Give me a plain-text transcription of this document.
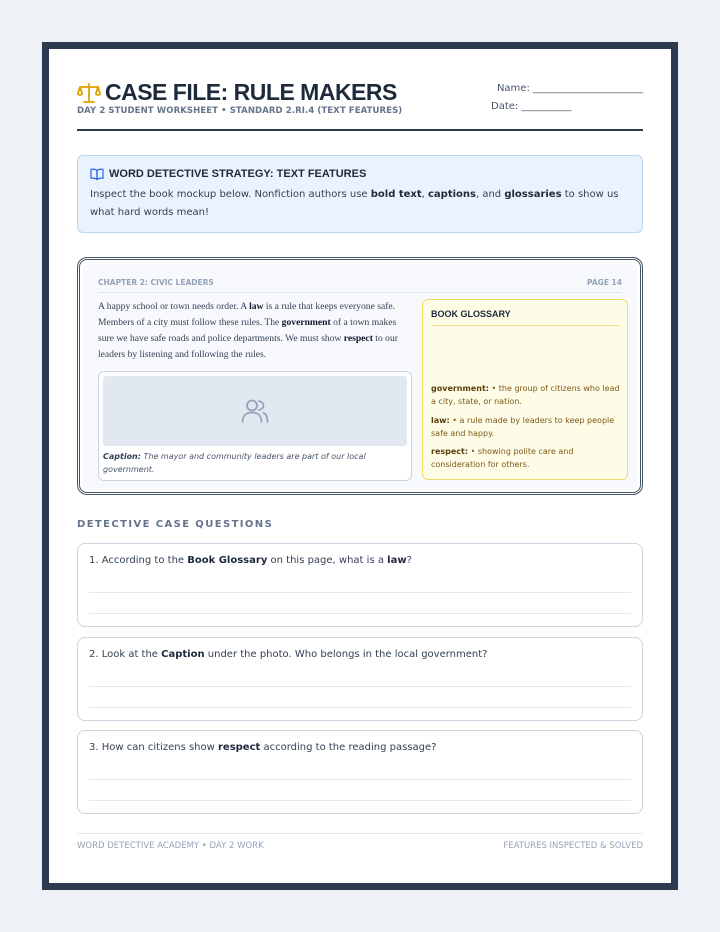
CASE FILE: RULE MAKERS
DAY 2 STUDENT WORKSHEET • STANDARD 2.RI.4 (TEXT FEATURES)
Name: ______________________
Date: __________
WORD DETECTIVE STRATEGY: TEXT FEATURES
Inspect the book mockup below. Nonfiction authors use bold text, captions, and glossaries to show us what hard words mean!
CHAPTER 2: CIVIC LEADERS	PAGE 14
A happy school or town needs order. A law is a rule that keeps everyone safe. Members of a city must follow these rules. The government of a town makes sure we have safe roads and police departments. We must show respect to our leaders by listening and following the rules.
Caption: The mayor and community leaders are part of our local government.
BOOK GLOSSARY
government: • the group of citizens who lead a city, state, or nation.
law: • a rule made by leaders to keep people safe and happy.
respect: • showing polite care and consideration for others.
DETECTIVE CASE QUESTIONS
1. According to the Book Glossary on this page, what is a law?
2. Look at the Caption under the photo. Who belongs in the local government?
3. How can citizens show respect according to the reading passage?
WORD DETECTIVE ACADEMY • DAY 2 WORK	FEATURES INSPECTED & SOLVED
